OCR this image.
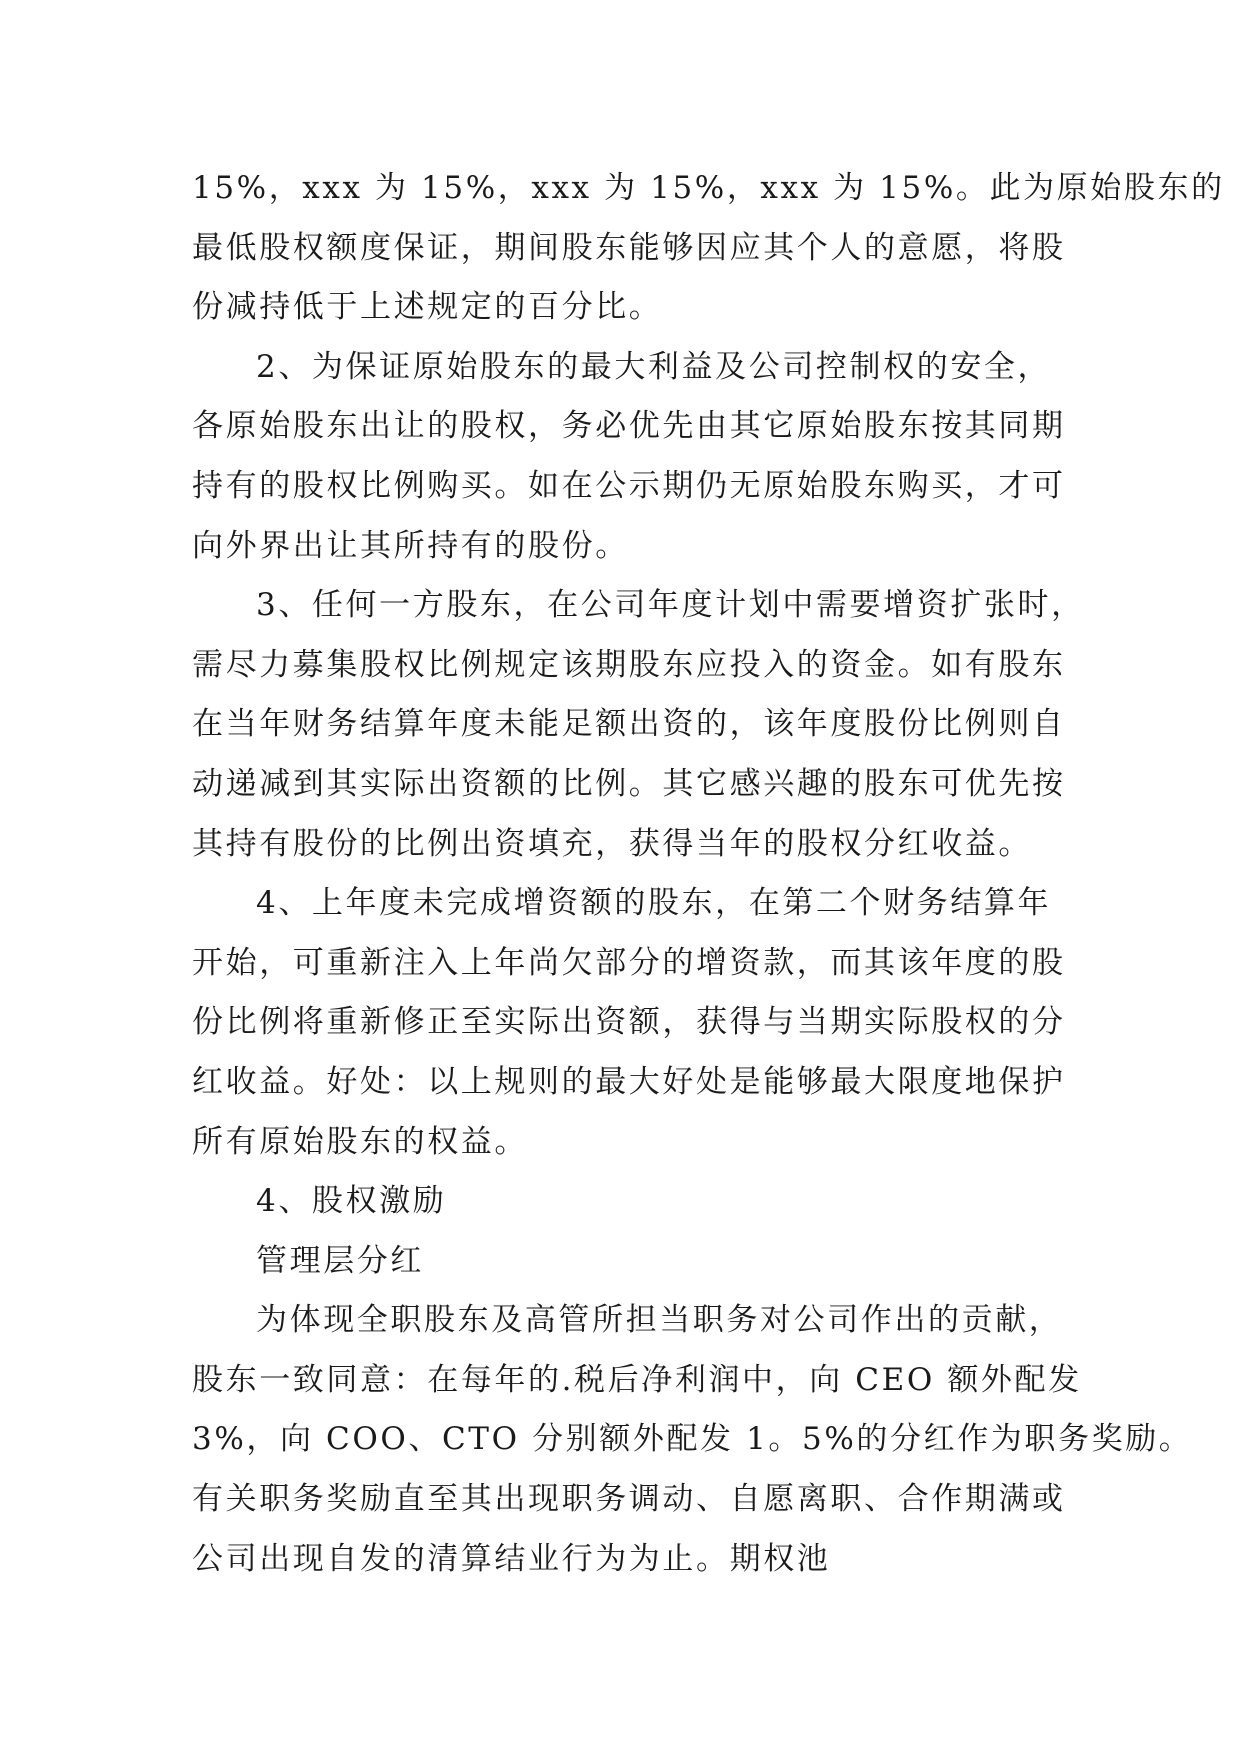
15%，xxx 为 15%，xxx 为 15%，xxx 为 15%。此为原始股东的
最低股权额度保证，期间股东能够因应其个人的意愿，将股
份减持低于上述规定的百分比。
2、为保证原始股东的最大利益及公司控制权的安全，
各原始股东出让的股权，务必优先由其它原始股东按其同期
持有的股权比例购买。如在公示期仍无原始股东购买，才可
向外界出让其所持有的股份。
3、任何一方股东，在公司年度计划中需要增资扩张时，
需尽力募集股权比例规定该期股东应投入的资金。如有股东
在当年财务结算年度未能足额出资的，该年度股份比例则自
动递减到其实际出资额的比例。其它感兴趣的股东可优先按
其持有股份的比例出资填充，获得当年的股权分红收益。
4、上年度未完成增资额的股东，在第二个财务结算年
开始，可重新注入上年尚欠部分的增资款，而其该年度的股
份比例将重新修正至实际出资额，获得与当期实际股权的分
红收益。好处：以上规则的最大好处是能够最大限度地保护
所有原始股东的权益。
4、股权激励
管理层分红
为体现全职股东及高管所担当职务对公司作出的贡献，
股东一致同意：在每年的.税后净利润中，向 CEO 额外配发
3%，向 COO、CTO 分别额外配发 1。5%的分红作为职务奖励。
有关职务奖励直至其出现职务调动、自愿离职、合作期满或
公司出现自发的清算结业行为为止。期权池
